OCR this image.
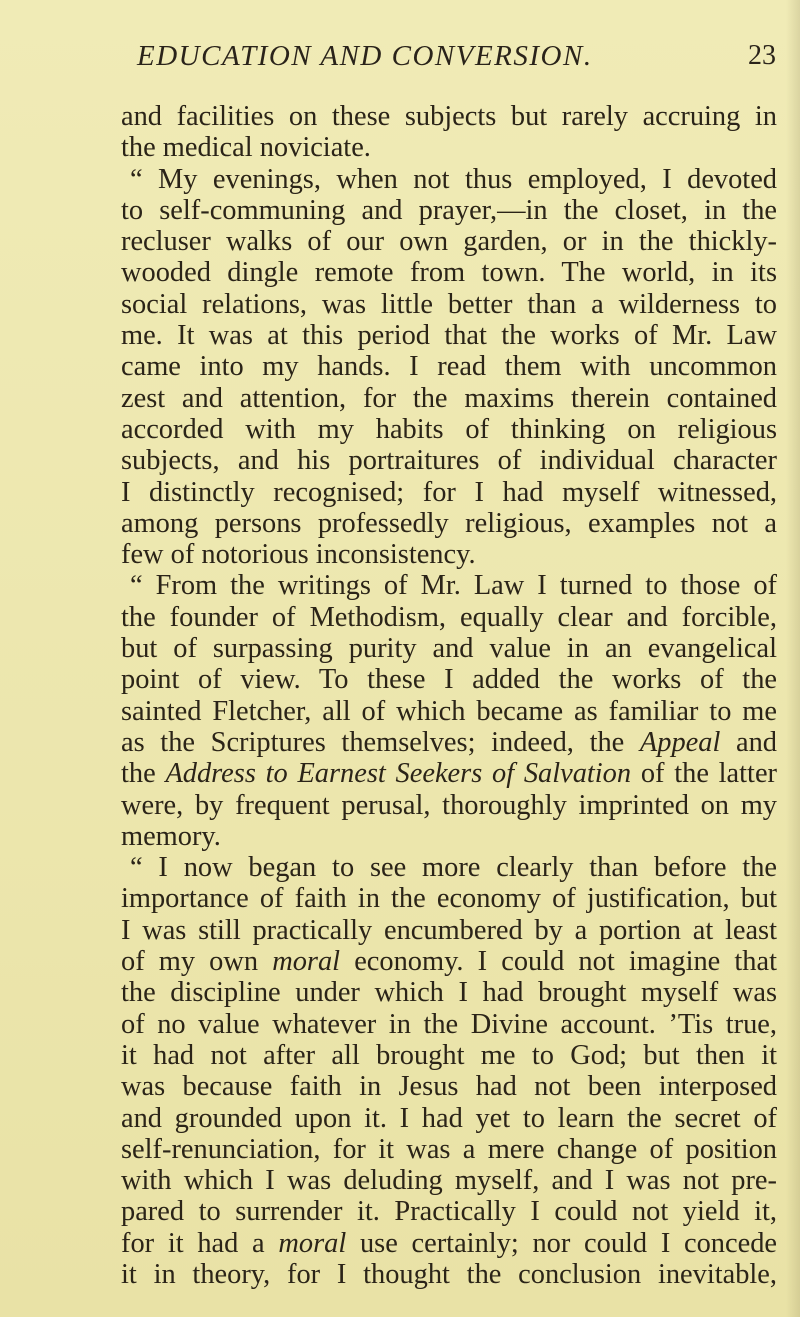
EDUCATION AND CONVERSION.	23
and facilities on these subjects but rarely accruing in
the medical noviciate.
“ My evenings, when not thus employed, I devoted
to self-communing and prayer,—in the closet, in the
recluser walks of our own garden, or in the thickly-
wooded dingle remote from town. The world, in its
social relations, was little better than a wilderness to
me. It was at this period that the works of Mr. Law
came into my hands. I read them with uncommon
zest and attention, for the maxims therein contained
accorded with my habits of thinking on religious
subjects, and his portraitures of individual character
I distinctly recognised; for I had myself witnessed,
among persons professedly religious, examples not a
few of notorious inconsistency.
“ From the writings of Mr. Law I turned to those of
the founder of Methodism, equally clear and forcible,
but of surpassing purity and value in an evangelical
point of view. To these I added the works of the
sainted Fletcher, all of which became as familiar to me
as the Scriptures themselves; indeed, the Appeal and
the Address to Earnest Seekers of Salvation of the latter
were, by frequent perusal, thoroughly imprinted on my
memory.
“ I now began to see more clearly than before the
importance of faith in the economy of justification, but
I was still practically encumbered by a portion at least
of my own moral economy. I could not imagine that
the discipline under which I had brought myself was
of no value whatever in the Divine account. ’Tis true,
it had not after all brought me to God; but then it
was because faith in Jesus had not been interposed
and grounded upon it. I had yet to learn the secret of
self-renunciation, for it was a mere change of position
with which I was deluding myself, and I was not pre-
pared to surrender it. Practically I could not yield it,
for it had a moral use certainly; nor could I concede
it in theory, for I thought the conclusion inevitable,
